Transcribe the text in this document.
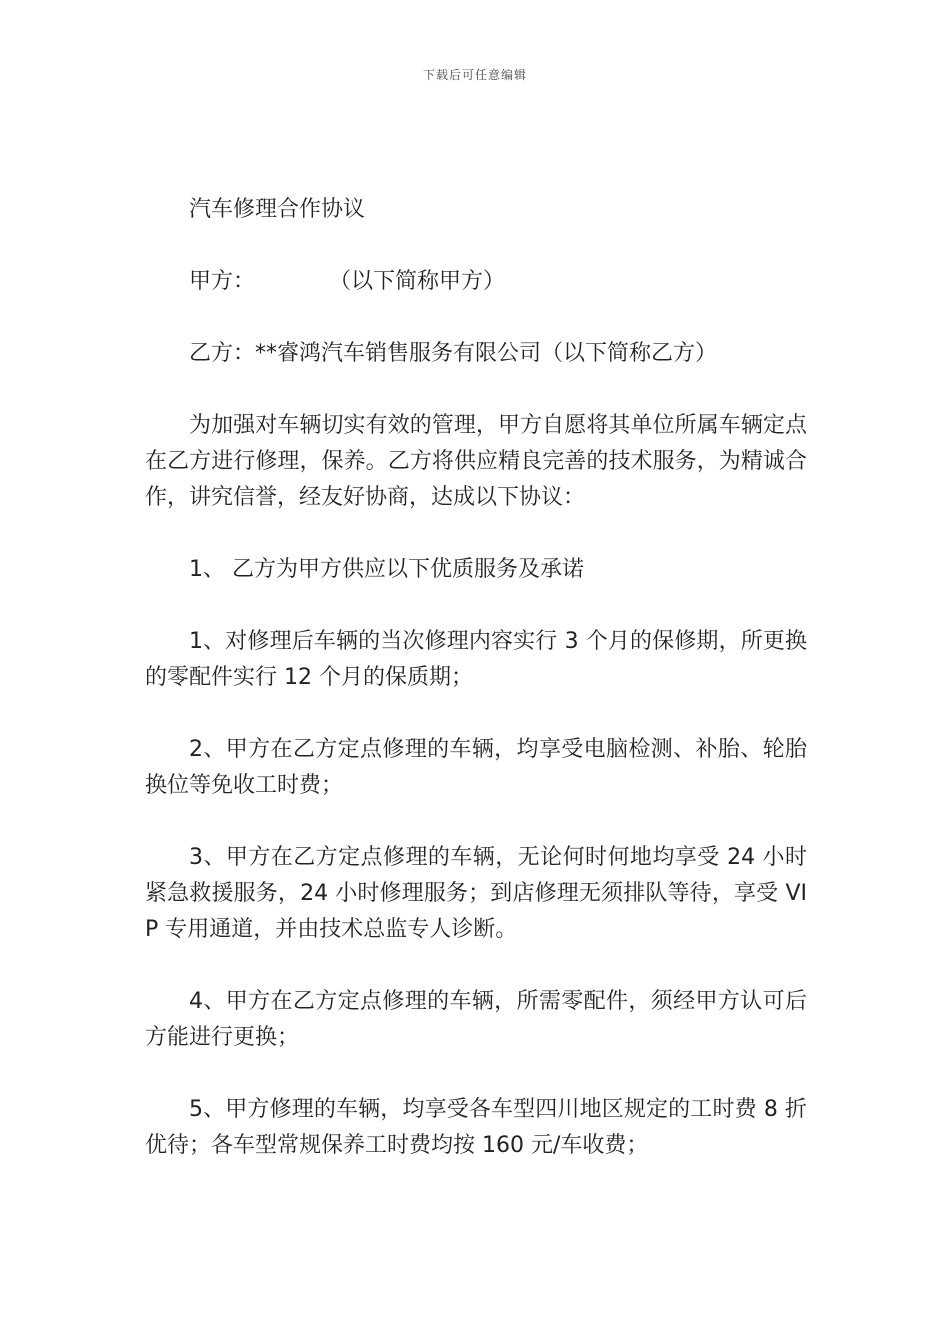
下载后可任意编辑

汽车修理合作协议

甲方：	（以下简称甲方）

乙方：**睿鸿汽车销售服务有限公司（以下简称乙方）

为加强对车辆切实有效的管理，甲方自愿将其单位所属车辆定点在乙方进行修理，保养。乙方将供应精良完善的技术服务，为精诚合作，讲究信誉，经友好协商，达成以下协议：

1、 乙方为甲方供应以下优质服务及承诺

1、对修理后车辆的当次修理内容实行 3 个月的保修期，所更换的零配件实行 12 个月的保质期；

2、甲方在乙方定点修理的车辆，均享受电脑检测、补胎、轮胎换位等免收工时费；

3、甲方在乙方定点修理的车辆，无论何时何地均享受 24 小时紧急救援服务，24 小时修理服务；到店修理无须排队等待，享受 VIP 专用通道，并由技术总监专人诊断。

4、甲方在乙方定点修理的车辆，所需零配件，须经甲方认可后方能进行更换；

5、甲方修理的车辆，均享受各车型四川地区规定的工时费 8 折优待；各车型常规保养工时费均按 160 元/车收费；
